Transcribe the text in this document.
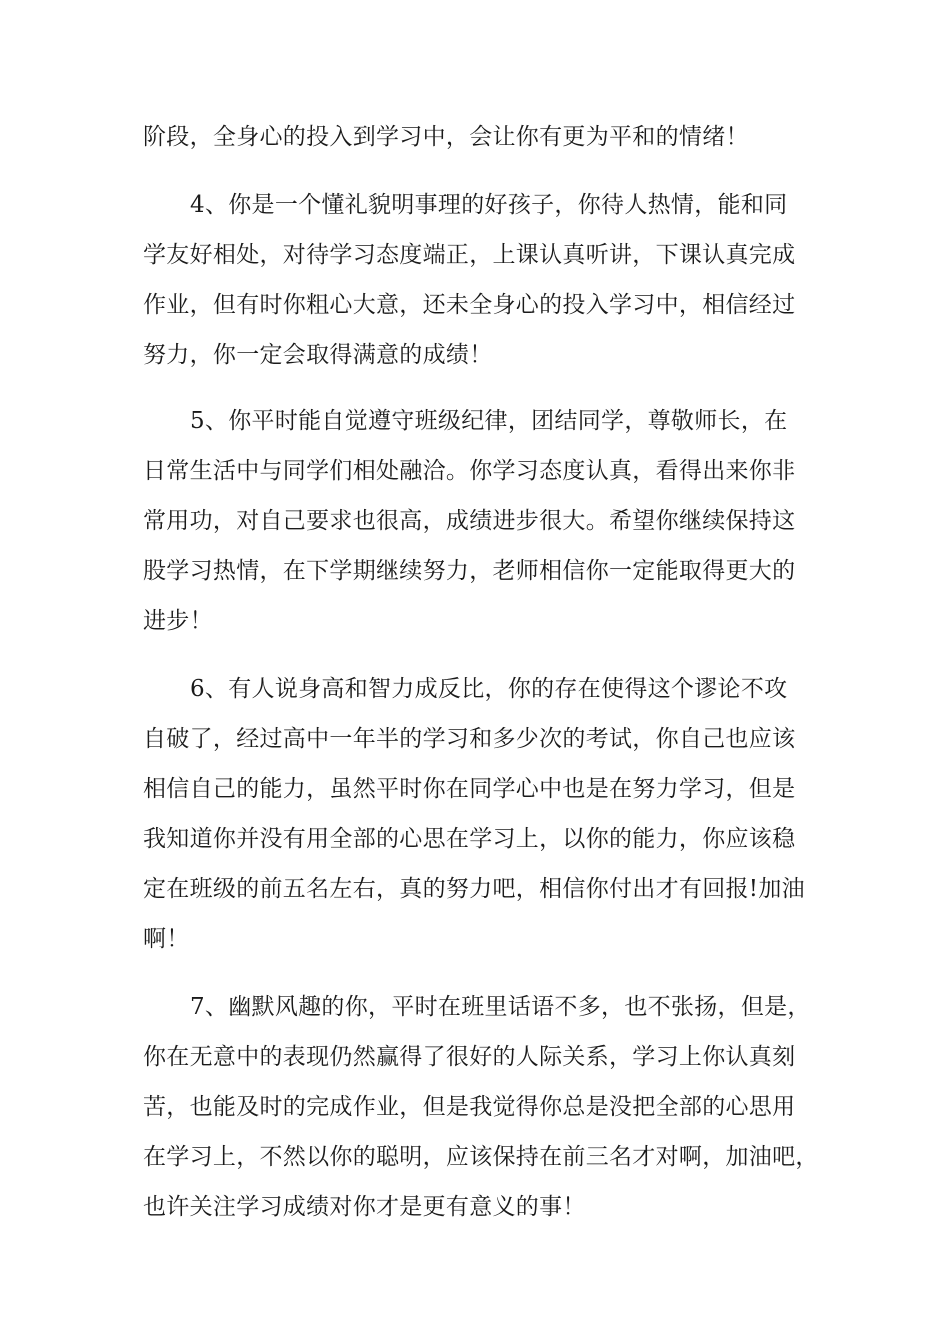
阶段，全身心的投入到学习中，会让你有更为平和的情绪！
4、你是一个懂礼貌明事理的好孩子，你待人热情，能和同
学友好相处，对待学习态度端正，上课认真听讲，下课认真完成
作业，但有时你粗心大意，还未全身心的投入学习中，相信经过
努力，你一定会取得满意的成绩！
5、你平时能自觉遵守班级纪律，团结同学，尊敬师长，在
日常生活中与同学们相处融洽。你学习态度认真，看得出来你非
常用功，对自己要求也很高，成绩进步很大。希望你继续保持这
股学习热情，在下学期继续努力，老师相信你一定能取得更大的
进步！
6、有人说身高和智力成反比，你的存在使得这个谬论不攻
自破了，经过高中一年半的学习和多少次的考试，你自己也应该
相信自己的能力，虽然平时你在同学心中也是在努力学习，但是
我知道你并没有用全部的心思在学习上，以你的能力，你应该稳
定在班级的前五名左右，真的努力吧，相信你付出才有回报!加油
啊！
7、幽默风趣的你，平时在班里话语不多，也不张扬，但是，
你在无意中的表现仍然赢得了很好的人际关系，学习上你认真刻
苦，也能及时的完成作业，但是我觉得你总是没把全部的心思用
在学习上，不然以你的聪明，应该保持在前三名才对啊，加油吧，
也许关注学习成绩对你才是更有意义的事！
